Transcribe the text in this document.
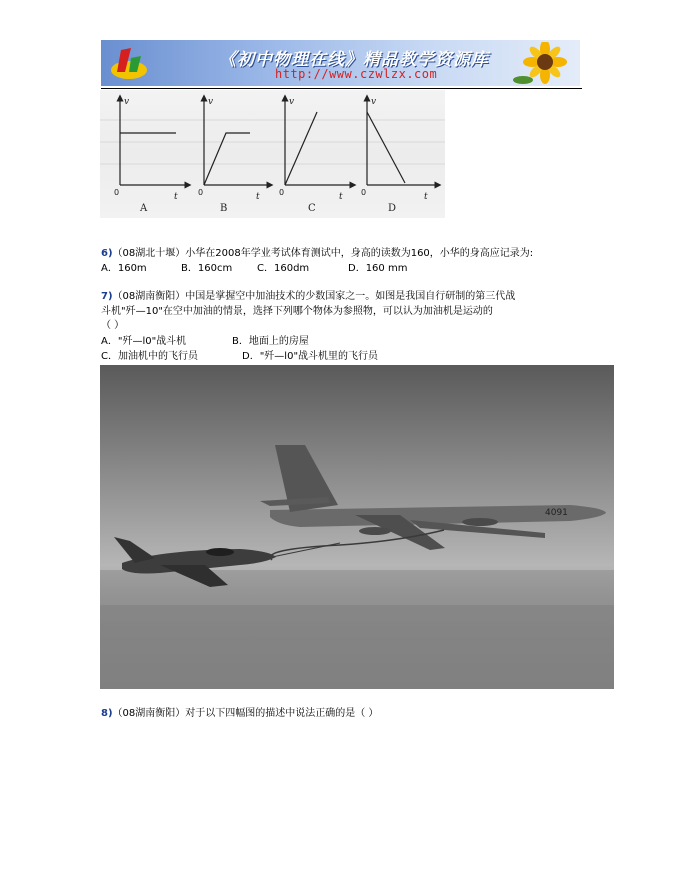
《初中物理在线》精品教学资源库
http://www.czwlzx.com
v	v	v	v
t	t	t	t
0	0	0	0
A	B	C	D
6)（08湖北十堰）小华在2008年学业考试体育测试中，身高的读数为160，小华的身高应记录为:
A．160m	B．160cm C．160dm	D．160 mm
7)（08湖南衡阳）中国是掌握空中加油技术的少数国家之一。如图是我国自行研制的第三代战
斗机"歼—10"在空中加油的情景，选择下列哪个物体为参照物，可以认为加油机是运动的
（ ）
A．"歼—l0"战斗机	B．地面上的房屋
C．加油机中的飞行员	D．"歼—l0"战斗机里的飞行员
4091
8)（08湖南衡阳）对于以下四幅图的描述中说法正确的是（ ）
